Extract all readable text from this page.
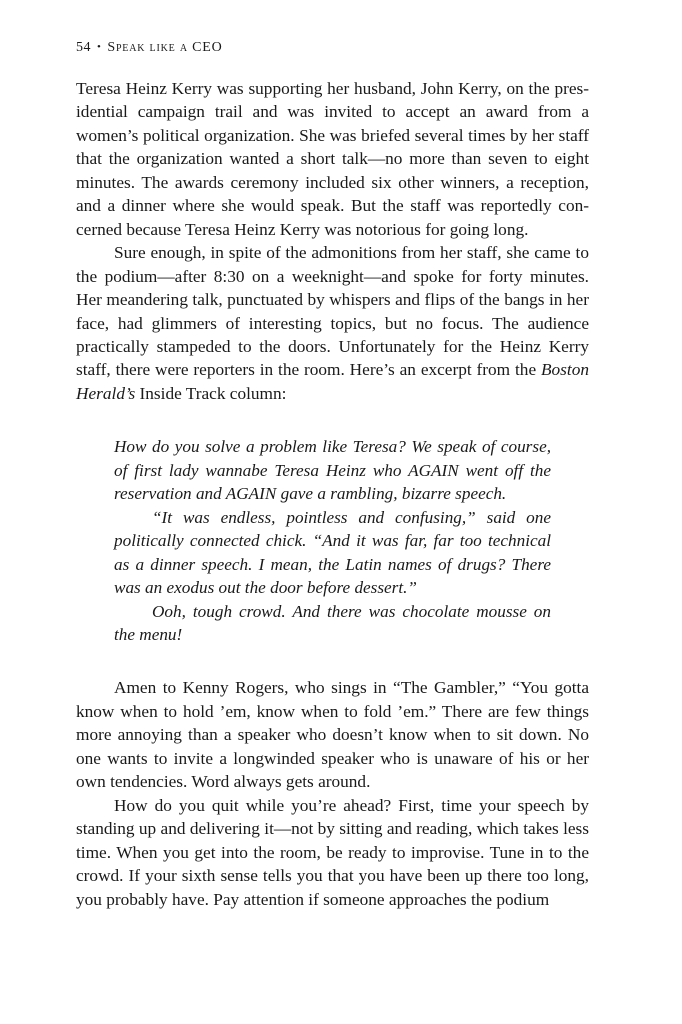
54 • Speak like a CEO

Teresa Heinz Kerry was supporting her husband, John Kerry, on the presidential campaign trail and was invited to accept an award from a women’s political organization. She was briefed several times by her staff that the organization wanted a short talk—no more than seven to eight minutes. The awards ceremony included six other winners, a reception, and a dinner where she would speak. But the staff was reportedly concerned because Teresa Heinz Kerry was notorious for going long.

Sure enough, in spite of the admonitions from her staff, she came to the podium—after 8:30 on a weeknight—and spoke for forty minutes. Her meandering talk, punctuated by whispers and flips of the bangs in her face, had glimmers of interesting topics, but no focus. The audience practically stampeded to the doors. Unfortunately for the Heinz Kerry staff, there were reporters in the room. Here’s an excerpt from the Boston Herald’s Inside Track column:

How do you solve a problem like Teresa? We speak of course, of first lady wannabe Teresa Heinz who AGAIN went off the reservation and AGAIN gave a rambling, bizarre speech.

“It was endless, pointless and confusing,” said one politically connected chick. “And it was far, far too technical as a dinner speech. I mean, the Latin names of drugs? There was an exodus out the door before dessert.”

Ooh, tough crowd. And there was chocolate mousse on the menu!

Amen to Kenny Rogers, who sings in “The Gambler,” “You gotta know when to hold ’em, know when to fold ’em.” There are few things more annoying than a speaker who doesn’t know when to sit down. No one wants to invite a longwinded speaker who is unaware of his or her own tendencies. Word always gets around.

How do you quit while you’re ahead? First, time your speech by standing up and delivering it—not by sitting and reading, which takes less time. When you get into the room, be ready to improvise. Tune in to the crowd. If your sixth sense tells you that you have been up there too long, you probably have. Pay attention if someone approaches the podium
